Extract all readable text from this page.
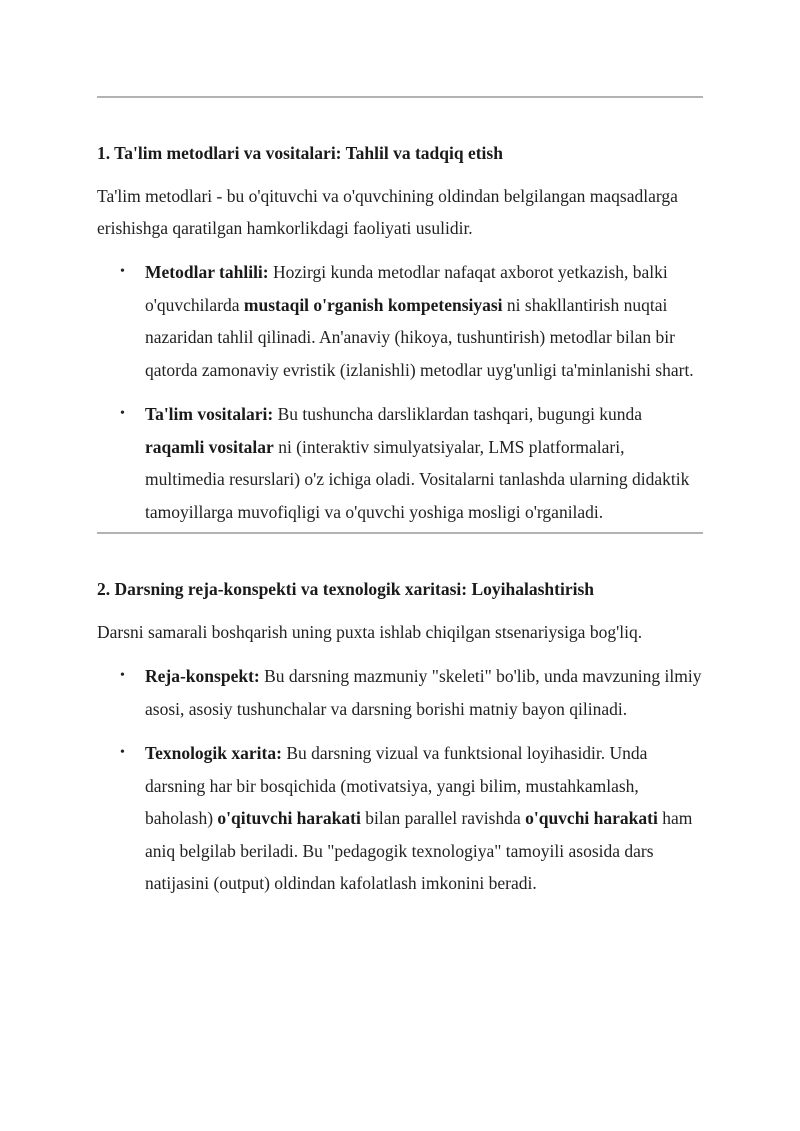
1. Ta'lim metodlari va vositalari: Tahlil va tadqiq etish

Ta'lim metodlari - bu o'qituvchi va o'quvchining oldindan belgilangan maqsadlarga erishishga qaratilgan hamkorlikdagi faoliyati usulidir.

• Metodlar tahlili: Hozirgi kunda metodlar nafaqat axborot yetkazish, balki o'quvchilarda mustaqil o'rganish kompetensiyasi ni shakllantirish nuqtai nazaridan tahlil qilinadi. An'anaviy (hikoya, tushuntirish) metodlar bilan bir qatorda zamonaviy evristik (izlanishli) metodlar uyg'unligi ta'minlanishi shart.
• Ta'lim vositalari: Bu tushuncha darsliklardan tashqari, bugungi kunda raqamli vositalar ni (interaktiv simulyatsiyalar, LMS platformalari, multimedia resurslari) o'z ichiga oladi. Vositalarni tanlashda ularning didaktik tamoyillarga muvofiqligi va o'quvchi yoshiga mosligi o'rganiladi.
2. Darsning reja-konspekti va texnologik xaritasi: Loyihalashtirish

Darsni samarali boshqarish uning puxta ishlab chiqilgan stsenariysiga bog'liq.

• Reja-konspekt: Bu darsning mazmuniy "skeleti" bo'lib, unda mavzuning ilmiy asosi, asosiy tushunchalar va darsning borishi matniy bayon qilinadi.
• Texnologik xarita: Bu darsning vizual va funktsional loyihasidir. Unda darsning har bir bosqichida (motivatsiya, yangi bilim, mustahkamlash, baholash) o'qituvchi harakati bilan parallel ravishda o'quvchi harakati ham aniq belgilab beriladi. Bu "pedagogik texnologiya" tamoyili asosida dars natijasini (output) oldindan kafolatlash imkonini beradi.
